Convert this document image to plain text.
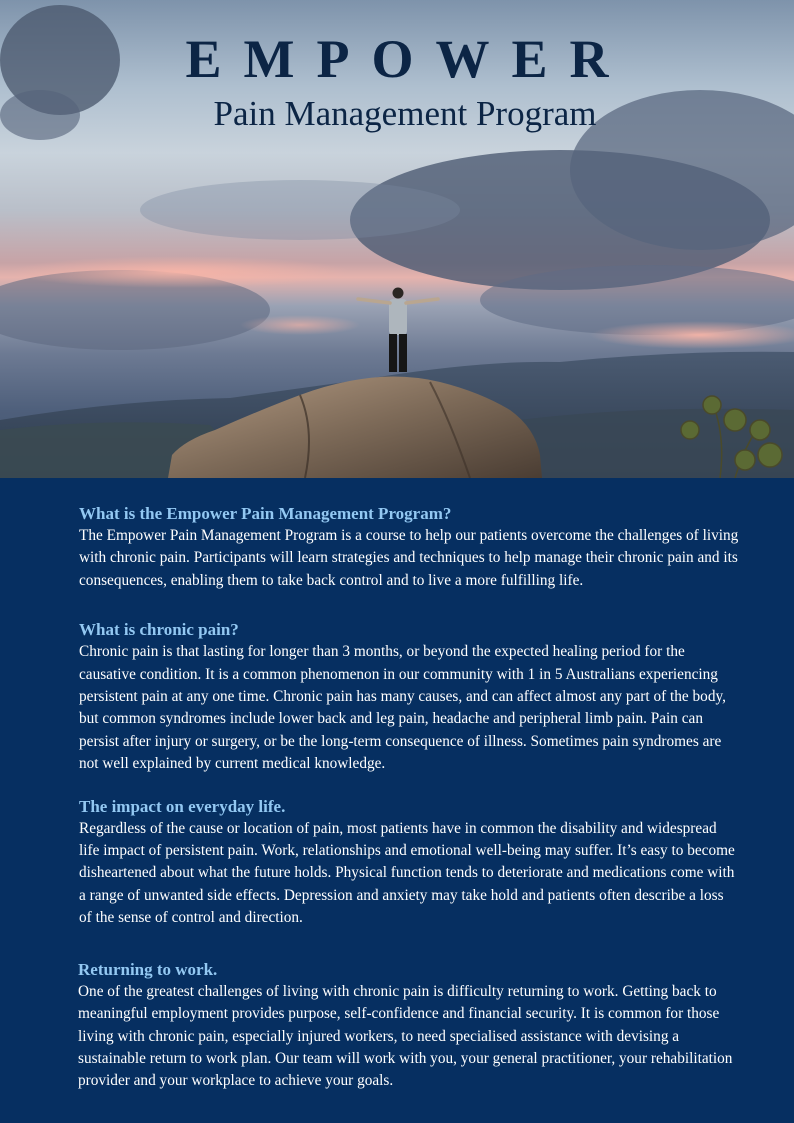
EMPOWER
Pain Management Program
What is the Empower Pain Management Program?

The Empower Pain Management Program is a course to help our patients overcome the challenges of living with chronic pain. Participants will learn strategies and techniques to help manage their chronic pain and its consequences, enabling them to take back control and to live a more fulfilling life.

What is chronic pain?

Chronic pain is that lasting for longer than 3 months, or beyond the expected healing period for the causative condition. It is a common phenomenon in our community with 1 in 5 Australians experiencing persistent pain at any one time. Chronic pain has many causes, and can affect almost any part of the body, but common syndromes include lower back and leg pain, headache and peripheral limb pain. Pain can persist after injury or surgery, or be the long-term consequence of illness. Sometimes pain syndromes are not well explained by current medical knowledge.

The impact on everyday life.

Regardless of the cause or location of pain, most patients have in common the disability and widespread life impact of persistent pain. Work, relationships and emotional well-being may suffer. It’s easy to become disheartened about what the future holds. Physical function tends to deteriorate and medications come with a range of unwanted side effects. Depression and anxiety may take hold and patients often describe a loss of the sense of control and direction.

Returning to work.

One of the greatest challenges of living with chronic pain is difficulty returning to work. Getting back to meaningful employment provides purpose, self-confidence and financial security. It is common for those living with chronic pain, especially injured workers, to need specialised assistance with devising a sustainable return to work plan. Our team will work with you, your general practitioner, your rehabilitation provider and your workplace to achieve your goals.
